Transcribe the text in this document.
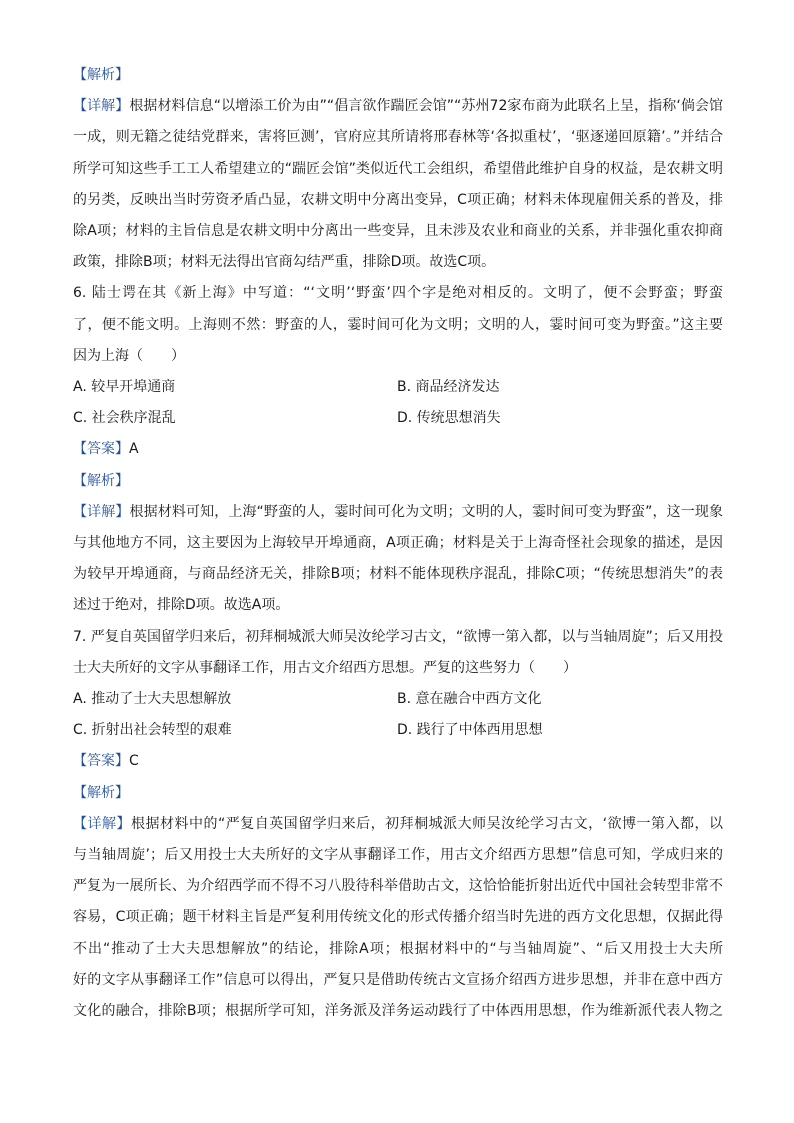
【解析】
【详解】根据材料信息“以增添工价为由”“倡言欲作踹匠会馆”“苏州72家布商为此联名上呈，指称‘倘会馆
一成，则无籍之徒结党群来，害将叵测’，官府应其所请将邢春林等‘各拟重杖’，‘驱逐递回原籍’。”并结合
所学可知这些手工工人希望建立的“踹匠会馆”类似近代工会组织，希望借此维护自身的权益，是农耕文明
的另类，反映出当时劳资矛盾凸显，农耕文明中分离出变异，C项正确；材料未体现雇佣关系的普及，排
除A项；材料的主旨信息是农耕文明中分离出一些变异，且未涉及农业和商业的关系，并非强化重农抑商
政策，排除B项；材料无法得出官商勾结严重，排除D项。故选C项。
6. 陆士谔在其《新上海》中写道：“‘文明’‘野蛮’四个字是绝对相反的。文明了，便不会野蛮；野蛮
了，便不能文明。上海则不然：野蛮的人，霎时间可化为文明；文明的人，霎时间可变为野蛮。”这主要
因为上海（　　）
A. 较早开埠通商	B. 商品经济发达
C. 社会秩序混乱	D. 传统思想消失
【答案】A
【解析】
【详解】根据材料可知，上海“野蛮的人，霎时间可化为文明；文明的人，霎时间可变为野蛮”，这一现象
与其他地方不同，这主要因为上海较早开埠通商，A项正确；材料是关于上海奇怪社会现象的描述，是因
为较早开埠通商，与商品经济无关，排除B项；材料不能体现秩序混乱，排除C项；“传统思想消失”的表
述过于绝对，排除D项。故选A项。
7. 严复自英国留学归来后，初拜桐城派大师吴汝纶学习古文，“欲博一第入都，以与当轴周旋”；后又用投
士大夫所好的文字从事翻译工作，用古文介绍西方思想。严复的这些努力（　　）
A. 推动了士大夫思想解放	B. 意在融合中西方文化
C. 折射出社会转型的艰难	D. 践行了中体西用思想
【答案】C
【解析】
【详解】根据材料中的“严复自英国留学归来后，初拜桐城派大师吴汝纶学习古文，‘欲博一第入都，以
与当轴周旋’；后又用投士大夫所好的文字从事翻译工作，用古文介绍西方思想”信息可知，学成归来的
严复为一展所长、为介绍西学而不得不习八股待科举借助古文，这恰恰能折射出近代中国社会转型非常不
容易，C项正确；题干材料主旨是严复利用传统文化的形式传播介绍当时先进的西方文化思想，仅据此得
不出“推动了士大夫思想解放”的结论，排除A项；根据材料中的“与当轴周旋”、“后又用投士大夫所
好的文字从事翻译工作”信息可以得出，严复只是借助传统古文宣扬介绍西方进步思想，并非在意中西方
文化的融合，排除B项；根据所学可知，洋务派及洋务运动践行了中体西用思想，作为维新派代表人物之
